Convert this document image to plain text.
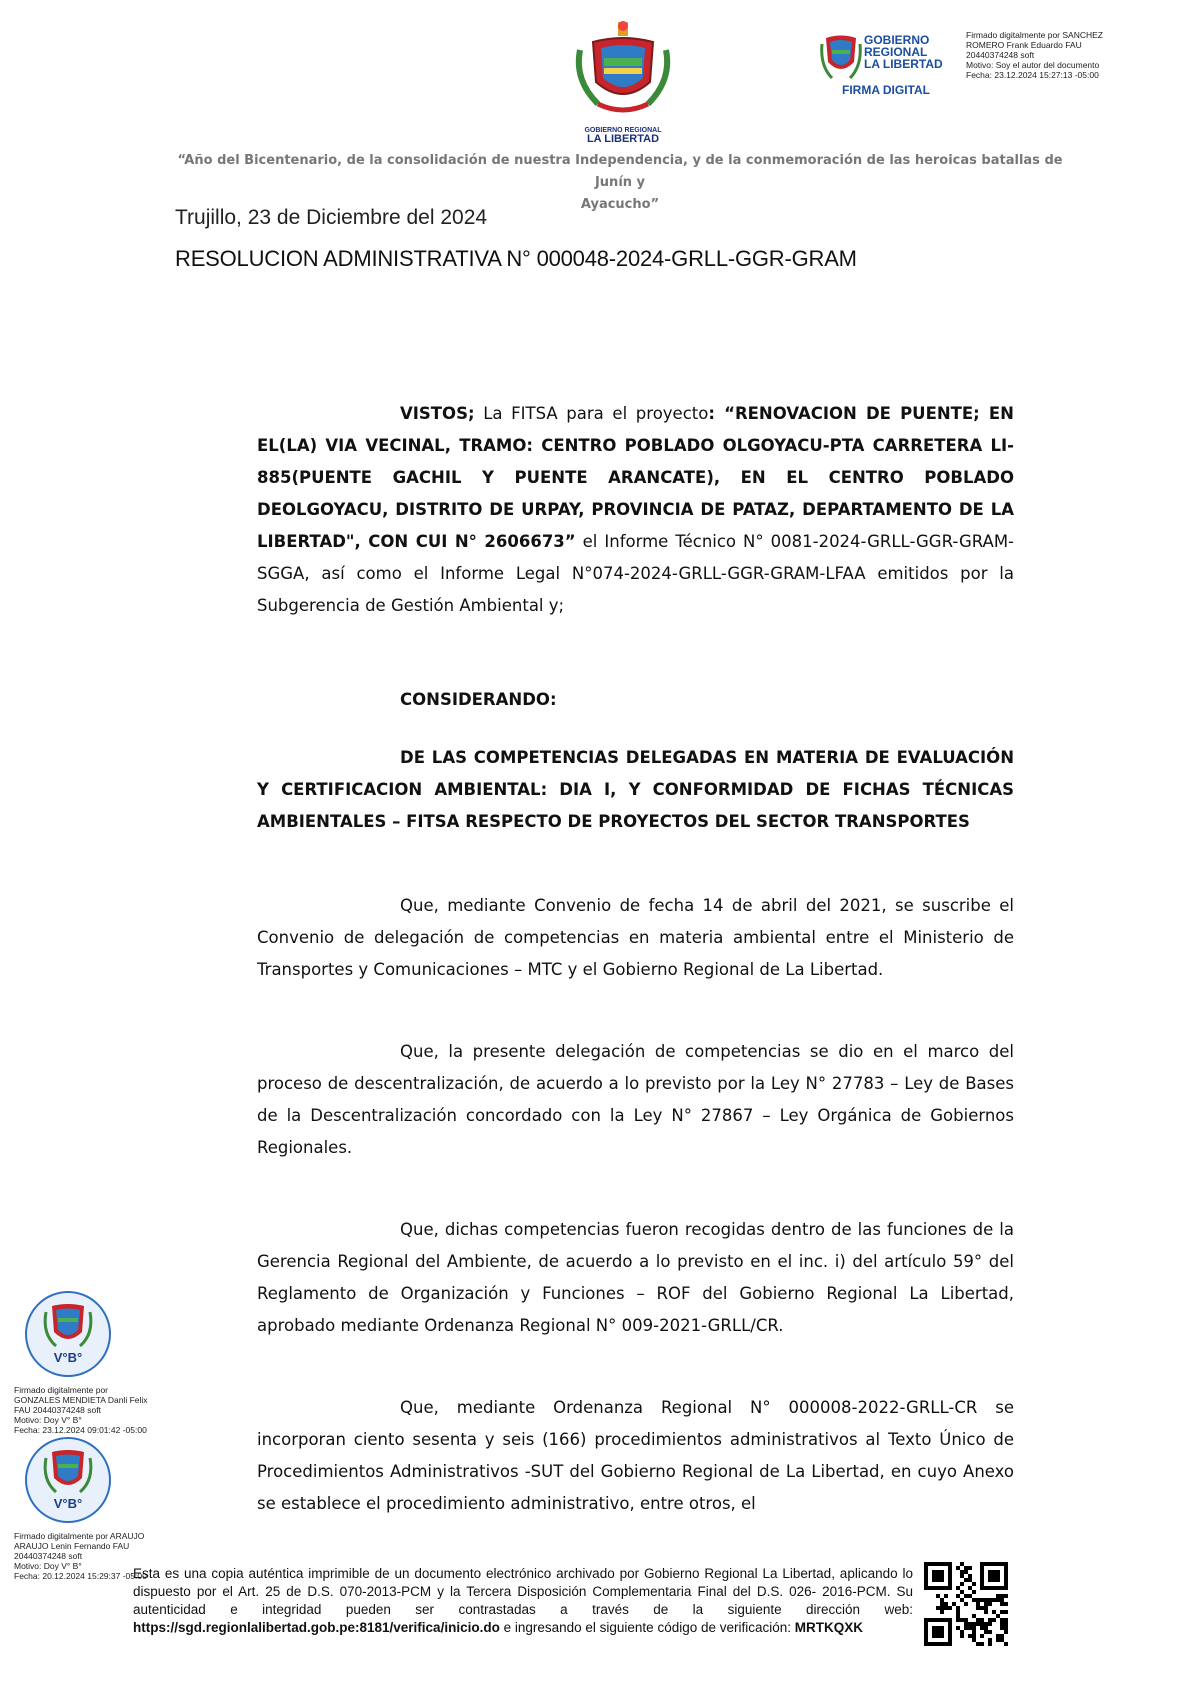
GOBIERNO REGIONAL
LA LIBERTAD
GOBIERNO
REGIONAL
LA LIBERTAD
FIRMA DIGITAL
Firmado digitalmente por SANCHEZ
ROMERO Frank Eduardo FAU
20440374248 soft
Motivo: Soy el autor del documento
Fecha: 23.12.2024 15:27:13 -05:00
“Año del Bicentenario, de la consolidación de nuestra Independencia, y de la conmemoración de las heroicas batallas de Junín y
Ayacucho”
Trujillo, 23 de Diciembre del 2024
RESOLUCION ADMINISTRATIVA N° 000048-2024-GRLL-GGR-GRAM
VISTOS; La FITSA para el proyecto: “RENOVACION DE PUENTE; EN EL(LA) VIA VECINAL, TRAMO: CENTRO POBLADO OLGOYACU-PTA CARRETERA LI-885(PUENTE GACHIL Y PUENTE ARANCATE), EN EL CENTRO POBLADO DEOLGOYACU, DISTRITO DE URPAY, PROVINCIA DE PATAZ, DEPARTAMENTO DE LA LIBERTAD", CON CUI N° 2606673” el Informe Técnico N° 0081-2024-GRLL-GGR-GRAM-SGGA, así como el Informe Legal N°074-2024-GRLL-GGR-GRAM-LFAA emitidos por la Subgerencia de Gestión Ambiental y;
CONSIDERANDO:
DE LAS COMPETENCIAS DELEGADAS EN MATERIA DE EVALUACIÓN Y CERTIFICACION AMBIENTAL: DIA I, Y CONFORMIDAD DE FICHAS TÉCNICAS AMBIENTALES – FITSA RESPECTO DE PROYECTOS DEL SECTOR TRANSPORTES
Que, mediante Convenio de fecha 14 de abril del 2021, se suscribe el Convenio de delegación de competencias en materia ambiental entre el Ministerio de Transportes y Comunicaciones – MTC y el Gobierno Regional de La Libertad.
Que, la presente delegación de competencias se dio en el marco del proceso de descentralización, de acuerdo a lo previsto por la Ley N° 27783 – Ley de Bases de la Descentralización concordado con la Ley N° 27867 – Ley Orgánica de Gobiernos Regionales.
Que, dichas competencias fueron recogidas dentro de las funciones de la Gerencia Regional del Ambiente, de acuerdo a lo previsto en el inc. i) del artículo 59° del Reglamento de Organización y Funciones – ROF del Gobierno Regional La Libertad, aprobado mediante Ordenanza Regional N° 009-2021-GRLL/CR.
Que, mediante Ordenanza Regional N° 000008-2022-GRLL-CR se incorporan ciento sesenta y seis (166) procedimientos administrativos al Texto Único de Procedimientos Administrativos -SUT del Gobierno Regional de La Libertad, en cuyo Anexo se establece el procedimiento administrativo, entre otros, el
V°B°
Firmado digitalmente por
GONZALES MENDIETA Danli Felix
FAU 20440374248 soft
Motivo: Doy V° B°
Fecha: 23.12.2024 09:01:42 -05:00
V°B°
Firmado digitalmente por ARAUJO
ARAUJO Lenin Fernando FAU
20440374248 soft
Motivo: Doy V° B°
Fecha: 20.12.2024 15:29:37 -05:00
Esta es una copia auténtica imprimible de un documento electrónico archivado por Gobierno Regional La Libertad, aplicando lo dispuesto por el Art. 25 de D.S. 070-2013-PCM y la Tercera Disposición Complementaria Final del D.S. 026- 2016-PCM. Su autenticidad e integridad pueden ser contrastadas a través de la siguiente dirección web: https://sgd.regionlalibertad.gob.pe:8181/verifica/inicio.do e ingresando el siguiente código de verificación: MRTKQXK
